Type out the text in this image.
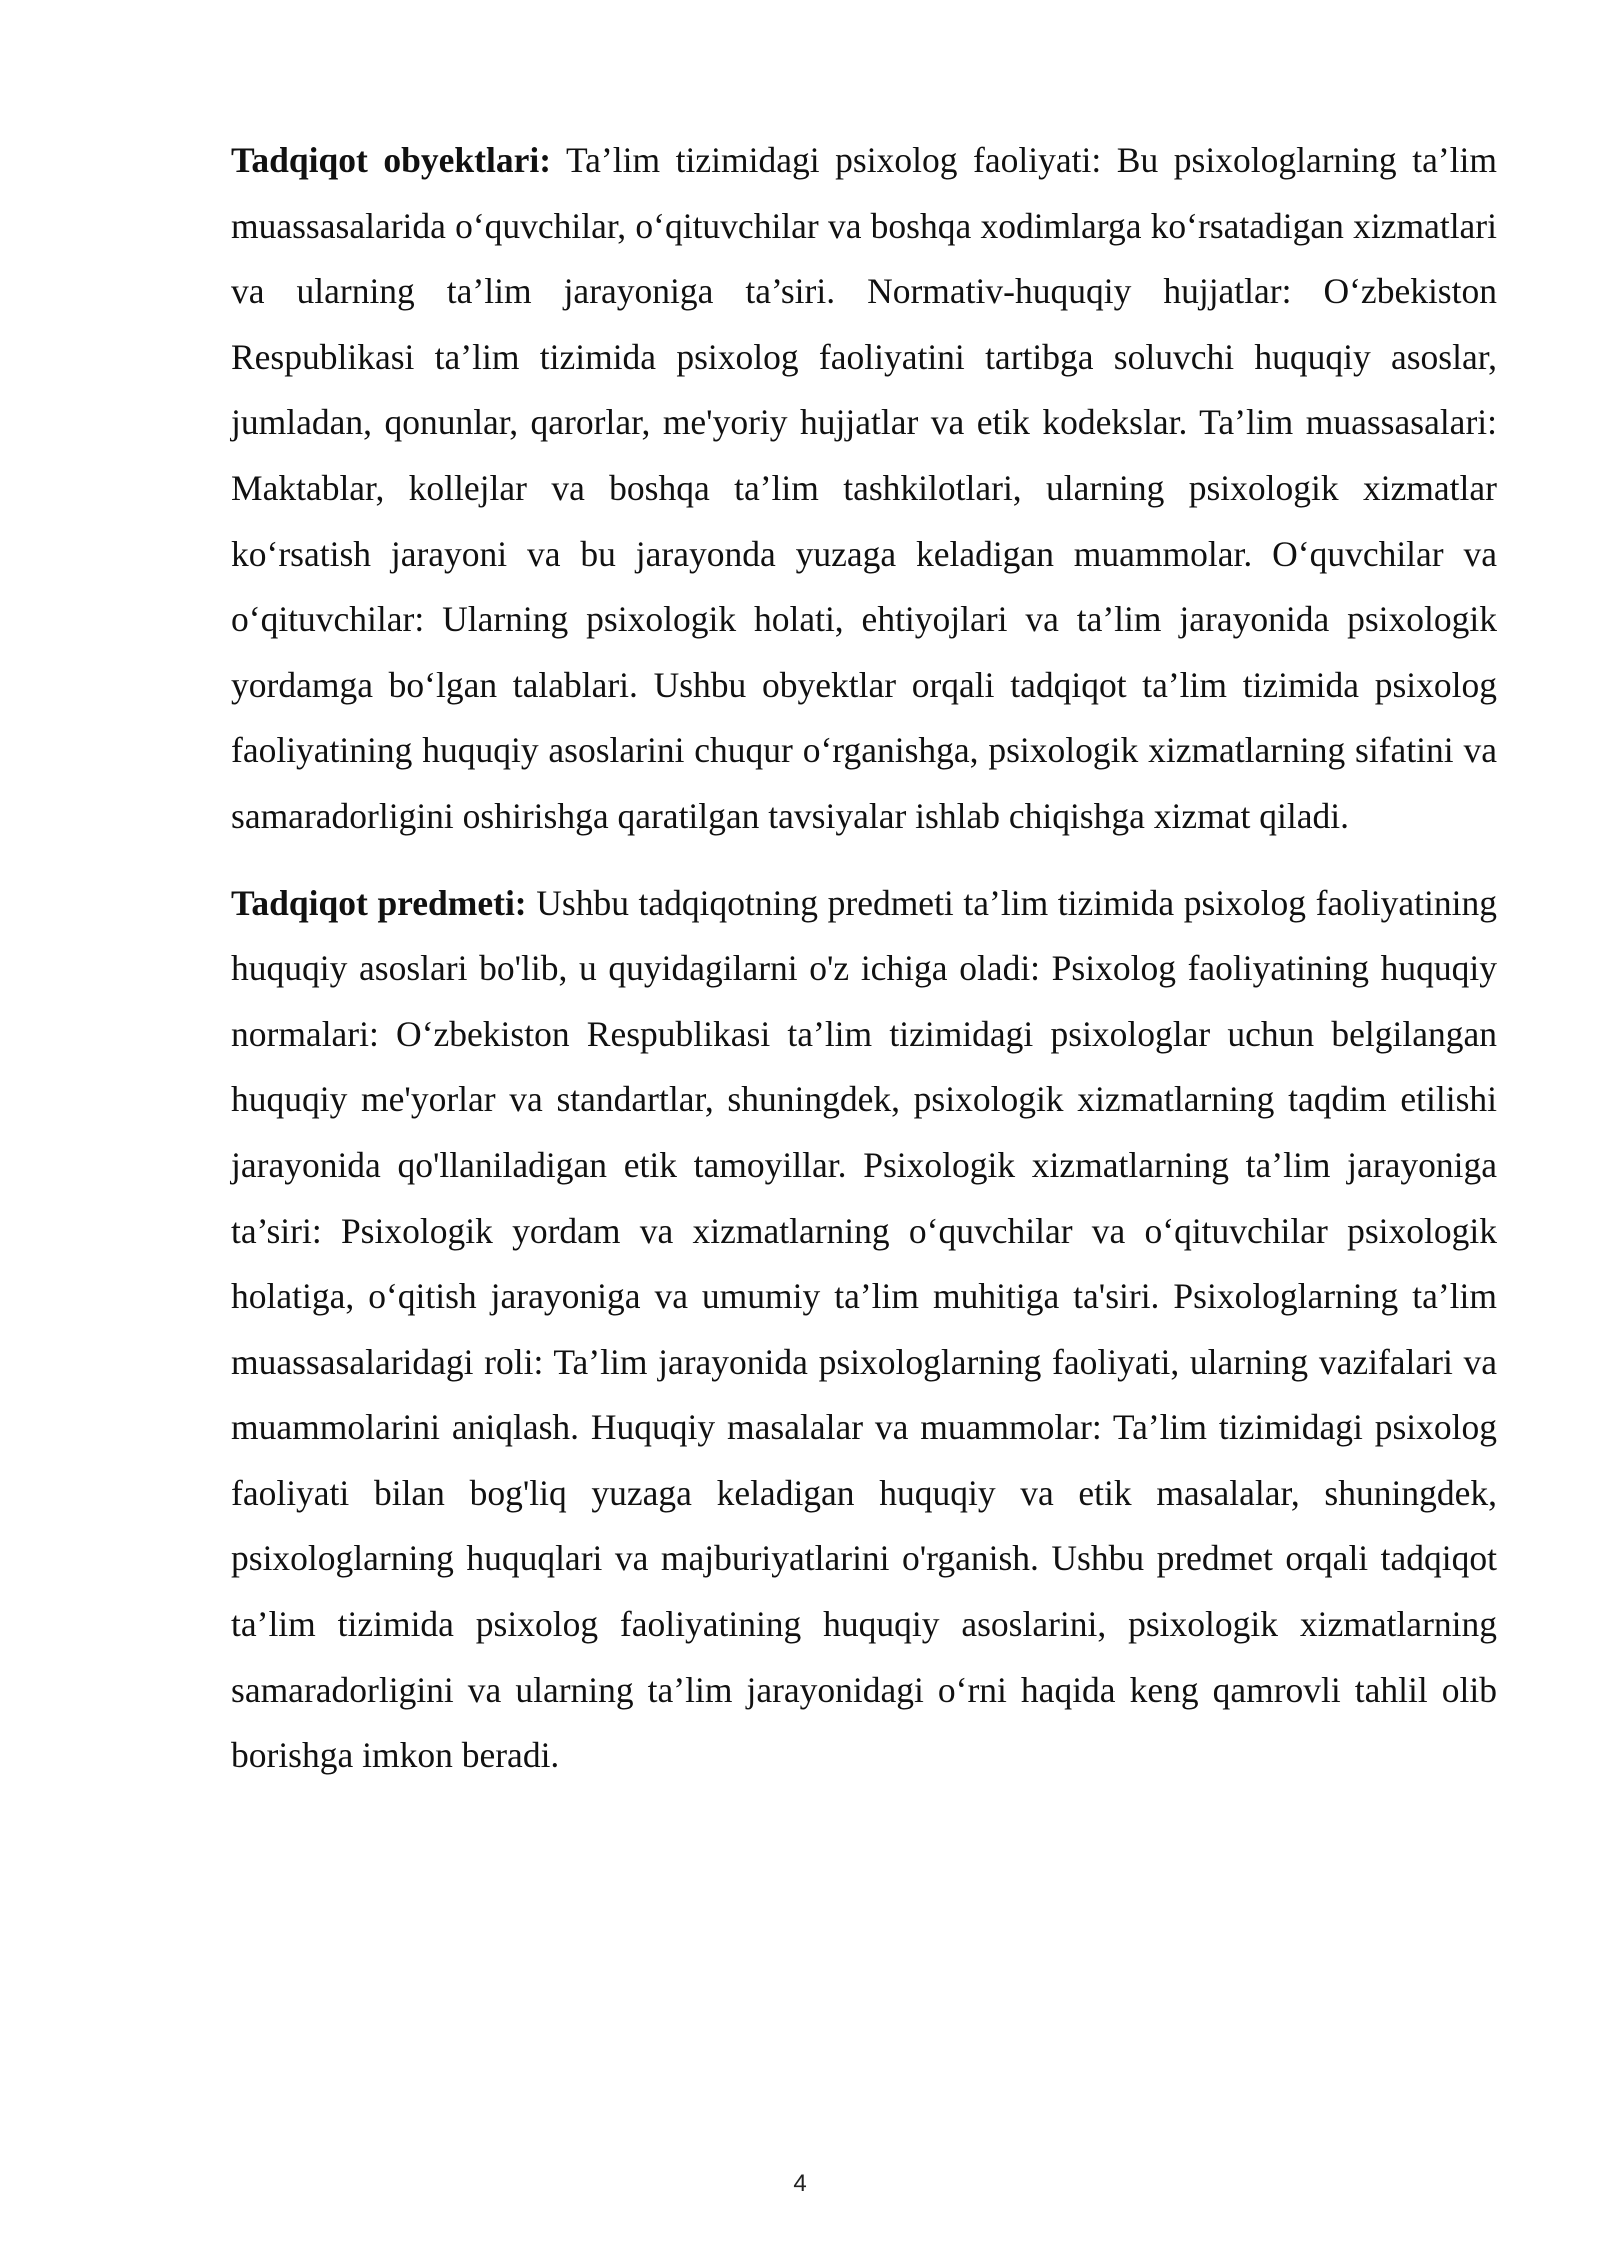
Tadqiqot obyektlari: Ta’lim tizimidagi psixolog faoliyati: Bu psixologlarning ta’lim muassasalarida o‘quvchilar, o‘qituvchilar va boshqa xodimlarga ko‘rsatadigan xizmatlari va ularning ta’lim jarayoniga ta’siri. Normativ-huquqiy hujjatlar: O‘zbekiston Respublikasi ta’lim tizimida psixolog faoliyatini tartibga soluvchi huquqiy asoslar, jumladan, qonunlar, qarorlar, me'yoriy hujjatlar va etik kodekslar. Ta’lim muassasalari: Maktablar, kollejlar va boshqa ta’lim tashkilotlari, ularning psixologik xizmatlar ko‘rsatish jarayoni va bu jarayonda yuzaga keladigan muammolar. O‘quvchilar va o‘qituvchilar: Ularning psixologik holati, ehtiyojlari va ta’lim jarayonida psixologik yordamga bo‘lgan talablari. Ushbu obyektlar orqali tadqiqot ta’lim tizimida psixolog faoliyatining huquqiy asoslarini chuqur o‘rganishga, psixologik xizmatlarning sifatini va samaradorligini oshirishga qaratilgan tavsiyalar ishlab chiqishga xizmat qiladi.

Tadqiqot predmeti: Ushbu tadqiqotning predmeti ta’lim tizimida psixolog faoliyatining huquqiy asoslari bo'lib, u quyidagilarni o'z ichiga oladi: Psixolog faoliyatining huquqiy normalari: O‘zbekiston Respublikasi ta’lim tizimidagi psixologlar uchun belgilangan huquqiy me'yorlar va standartlar, shuningdek, psixologik xizmatlarning taqdim etilishi jarayonida qo'llaniladigan etik tamoyillar. Psixologik xizmatlarning ta’lim jarayoniga ta’siri: Psixologik yordam va xizmatlarning o‘quvchilar va o‘qituvchilar psixologik holatiga, o‘qitish jarayoniga va umumiy ta’lim muhitiga ta'siri. Psixologlarning ta’lim muassasalaridagi roli: Ta’lim jarayonida psixologlarning faoliyati, ularning vazifalari va muammolarini aniqlash. Huquqiy masalalar va muammolar: Ta’lim tizimidagi psixolog faoliyati bilan bog'liq yuzaga keladigan huquqiy va etik masalalar, shuningdek, psixologlarning huquqlari va majburiyatlarini o'rganish. Ushbu predmet orqali tadqiqot ta’lim tizimida psixolog faoliyatining huquqiy asoslarini, psixologik xizmatlarning samaradorligini va ularning ta’lim jarayonidagi o‘rni haqida keng qamrovli tahlil olib borishga imkon beradi.

4
